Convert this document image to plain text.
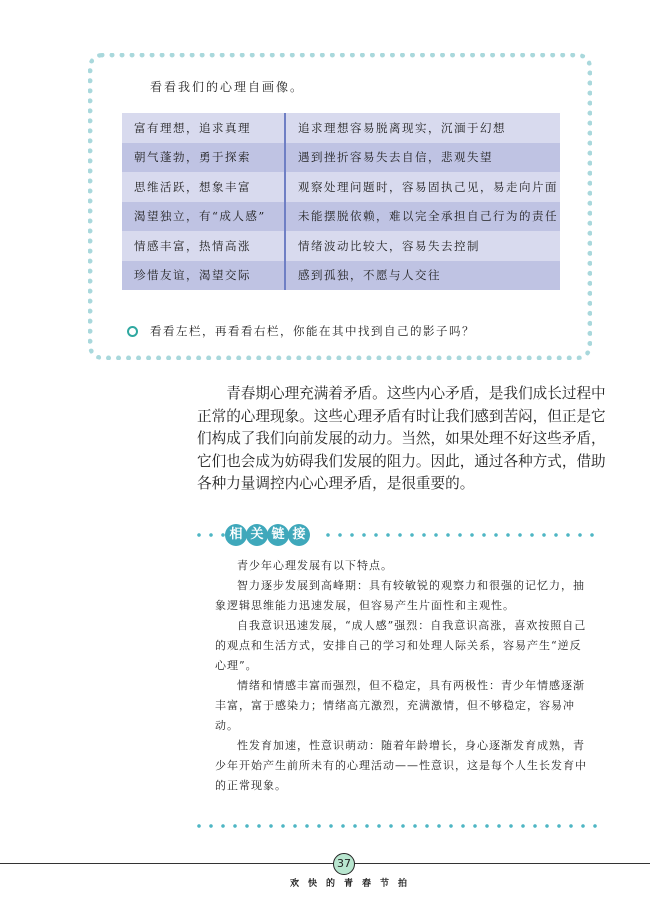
看看我们的心理自画像。
富有理想，追求真理	追求理想容易脱离现实，沉湎于幻想
朝气蓬勃，勇于探索	遇到挫折容易失去自信，悲观失望
思维活跃，想象丰富	观察处理问题时，容易固执己见，易走向片面
渴望独立，有“成人感”	未能摆脱依赖，难以完全承担自己行为的责任
情感丰富，热情高涨	情绪波动比较大，容易失去控制
珍惜友谊，渴望交际	感到孤独，不愿与人交往
看看左栏，再看看右栏，你能在其中找到自己的影子吗？
青春期心理充满着矛盾。这些内心矛盾，是我们成长过程中正常的心理现象。这些心理矛盾有时让我们感到苦闷，但正是它们构成了我们向前发展的动力。当然，如果处理不好这些矛盾，它们也会成为妨碍我们发展的阻力。因此，通过各种方式，借助各种力量调控内心心理矛盾，是很重要的。
相 关 链 接

青少年心理发展有以下特点。

智力逐步发展到高峰期：具有较敏锐的观察力和很强的记忆力，抽象逻辑思维能力迅速发展，但容易产生片面性和主观性。

自我意识迅速发展，“成人感”强烈：自我意识高涨，喜欢按照自己的观点和生活方式，安排自己的学习和处理人际关系，容易产生“逆反心理”。

情绪和情感丰富而强烈，但不稳定，具有两极性：青少年情感逐渐丰富，富于感染力；情绪高亢激烈，充满激情，但不够稳定，容易冲动。

性发育加速，性意识萌动：随着年龄增长，身心逐渐发育成熟，青少年开始产生前所未有的心理活动——性意识，这是每个人生长发育中的正常现象。

37
欢快的青春节拍
